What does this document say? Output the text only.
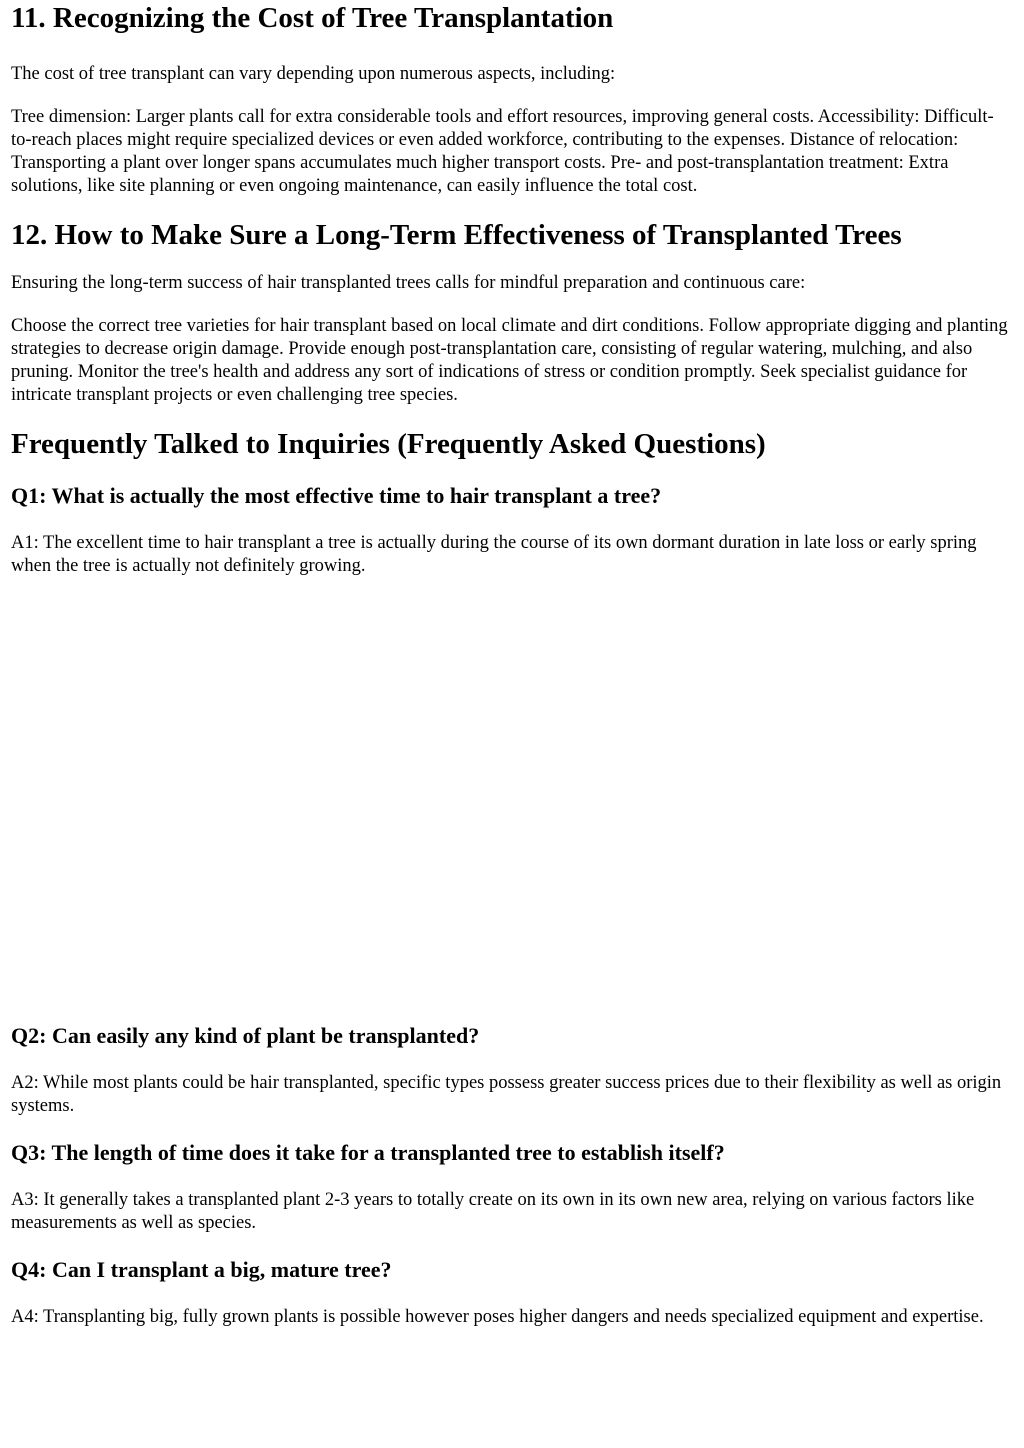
11. Recognizing the Cost of Tree Transplantation

The cost of tree transplant can vary depending upon numerous aspects, including:

Tree dimension: Larger plants call for extra considerable tools and effort resources, improving general costs. Accessibility: Difficult-to-reach places might require specialized devices or even added workforce, contributing to the expenses. Distance of relocation: Transporting a plant over longer spans accumulates much higher transport costs. Pre- and post-transplantation treatment: Extra solutions, like site planning or even ongoing maintenance, can easily influence the total cost.

12. How to Make Sure a Long-Term Effectiveness of Transplanted Trees

Ensuring the long-term success of hair transplanted trees calls for mindful preparation and continuous care:

Choose the correct tree varieties for hair transplant based on local climate and dirt conditions. Follow appropriate digging and planting strategies to decrease origin damage. Provide enough post-transplantation care, consisting of regular watering, mulching, and also pruning. Monitor the tree's health and address any sort of indications of stress or condition promptly. Seek specialist guidance for intricate transplant projects or even challenging tree species.

Frequently Talked to Inquiries (Frequently Asked Questions)
Q1: What is actually the most effective time to hair transplant a tree?

A1: The excellent time to hair transplant a tree is actually during the course of its own dormant duration in late loss or early spring when the tree is actually not definitely growing.

Q2: Can easily any kind of plant be transplanted?

A2: While most plants could be hair transplanted, specific types possess greater success prices due to their flexibility as well as origin systems.

Q3: The length of time does it take for a transplanted tree to establish itself?

A3: It generally takes a transplanted plant 2-3 years to totally create on its own in its own new area, relying on various factors like measurements as well as species.

Q4: Can I transplant a big, mature tree?

A4: Transplanting big, fully grown plants is possible however poses higher dangers and needs specialized equipment and expertise.
